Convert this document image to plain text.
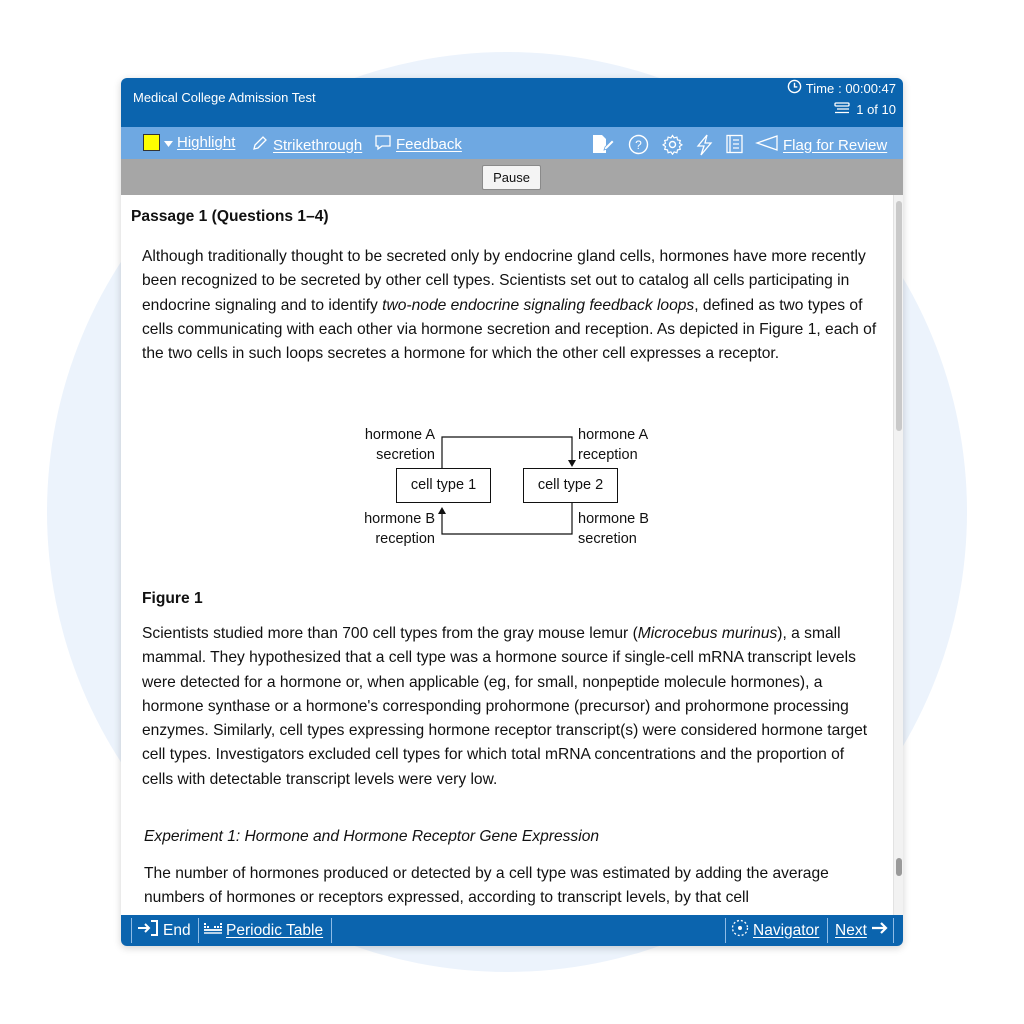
Medical College Admission Test
Time : 00:00:47
1 of 10
Highlight	Strikethrough Feedback	?	Flag for Review
Pause
Passage 1 (Questions 1–4)

Although traditionally thought to be secreted only by endocrine gland cells, hormones have more recently been recognized to be secreted by other cell types. Scientists set out to catalog all cells participating in endocrine signaling and to identify two-node endocrine signaling feedback loops, defined as two types of cells communicating with each other via hormone secretion and reception. As depicted in Figure 1, each of the two cells in such loops secretes a hormone for which the other cell expresses a receptor.

cell type 1	cell type 2
hormone A
secretion
hormone A
reception
hormone B
reception
hormone B
secretion
Figure 1

Scientists studied more than 700 cell types from the gray mouse lemur (Microcebus murinus), a small mammal. They hypothesized that a cell type was a hormone source if single-cell mRNA transcript levels were detected for a hormone or, when applicable (eg, for small, nonpeptide molecule hormones), a hormone synthase or a hormone's corresponding prohormone (precursor) and prohormone processing enzymes. Similarly, cell types expressing hormone receptor transcript(s) were considered hormone target cell types. Investigators excluded cell types for which total mRNA concentrations and the proportion of cells with detectable transcript levels were very low.

Experiment 1: Hormone and Hormone Receptor Gene Expression

The number of hormones produced or detected by a cell type was estimated by adding the average numbers of hormones or receptors expressed, according to transcript levels, by that cell

End Periodic Table	Navigator Next
